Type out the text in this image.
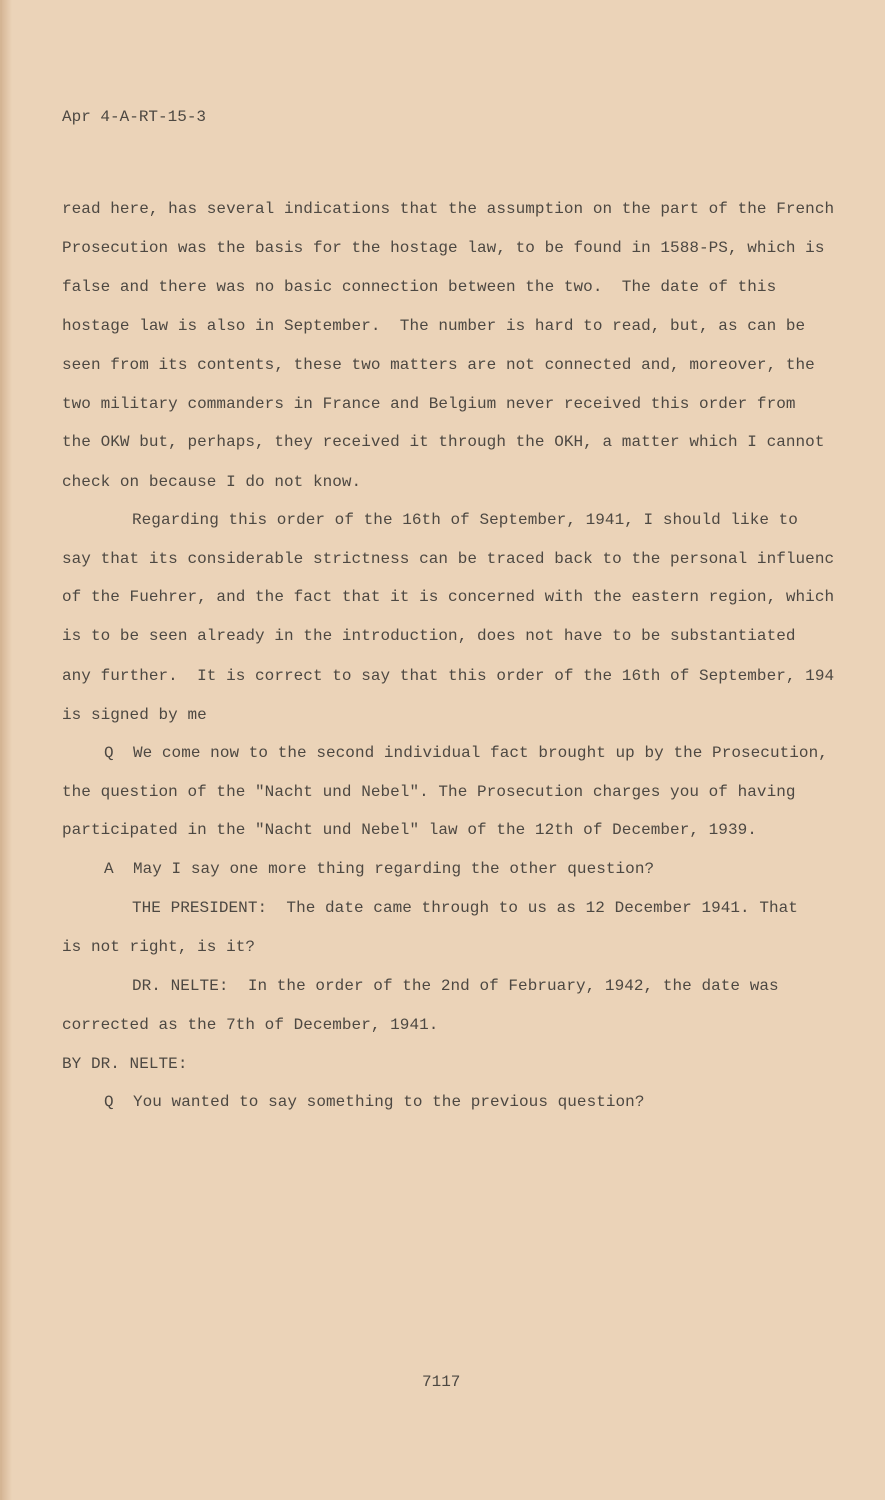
Apr 4-A-RT-15-3
read here, has several indications that the assumption on the part of the French
Prosecution was the basis for the hostage law, to be found in 1588-PS, which is
false and there was no basic connection between the two.  The date of this
hostage law is also in September.  The number is hard to read, but, as can be
seen from its contents, these two matters are not connected and, moreover, the
two military commanders in France and Belgium never received this order from
the OKW but, perhaps, they received it through the OKH, a matter which I cannot
check on because I do not know.
Regarding this order of the 16th of September, 1941, I should like to
say that its considerable strictness can be traced back to the personal influenc
of the Fuehrer, and the fact that it is concerned with the eastern region, which
is to be seen already in the introduction, does not have to be substantiated
any further.  It is correct to say that this order of the 16th of September, 194
is signed by me
Q  We come now to the second individual fact brought up by the Prosecution,
the question of the "Nacht und Nebel". The Prosecution charges you of having
participated in the "Nacht und Nebel" law of the 12th of December, 1939.
A  May I say one more thing regarding the other question?
THE PRESIDENT:  The date came through to us as 12 December 1941. That
is not right, is it?
DR. NELTE:  In the order of the 2nd of February, 1942, the date was
corrected as the 7th of December, 1941.
BY DR. NELTE:
Q  You wanted to say something to the previous question?
7117
